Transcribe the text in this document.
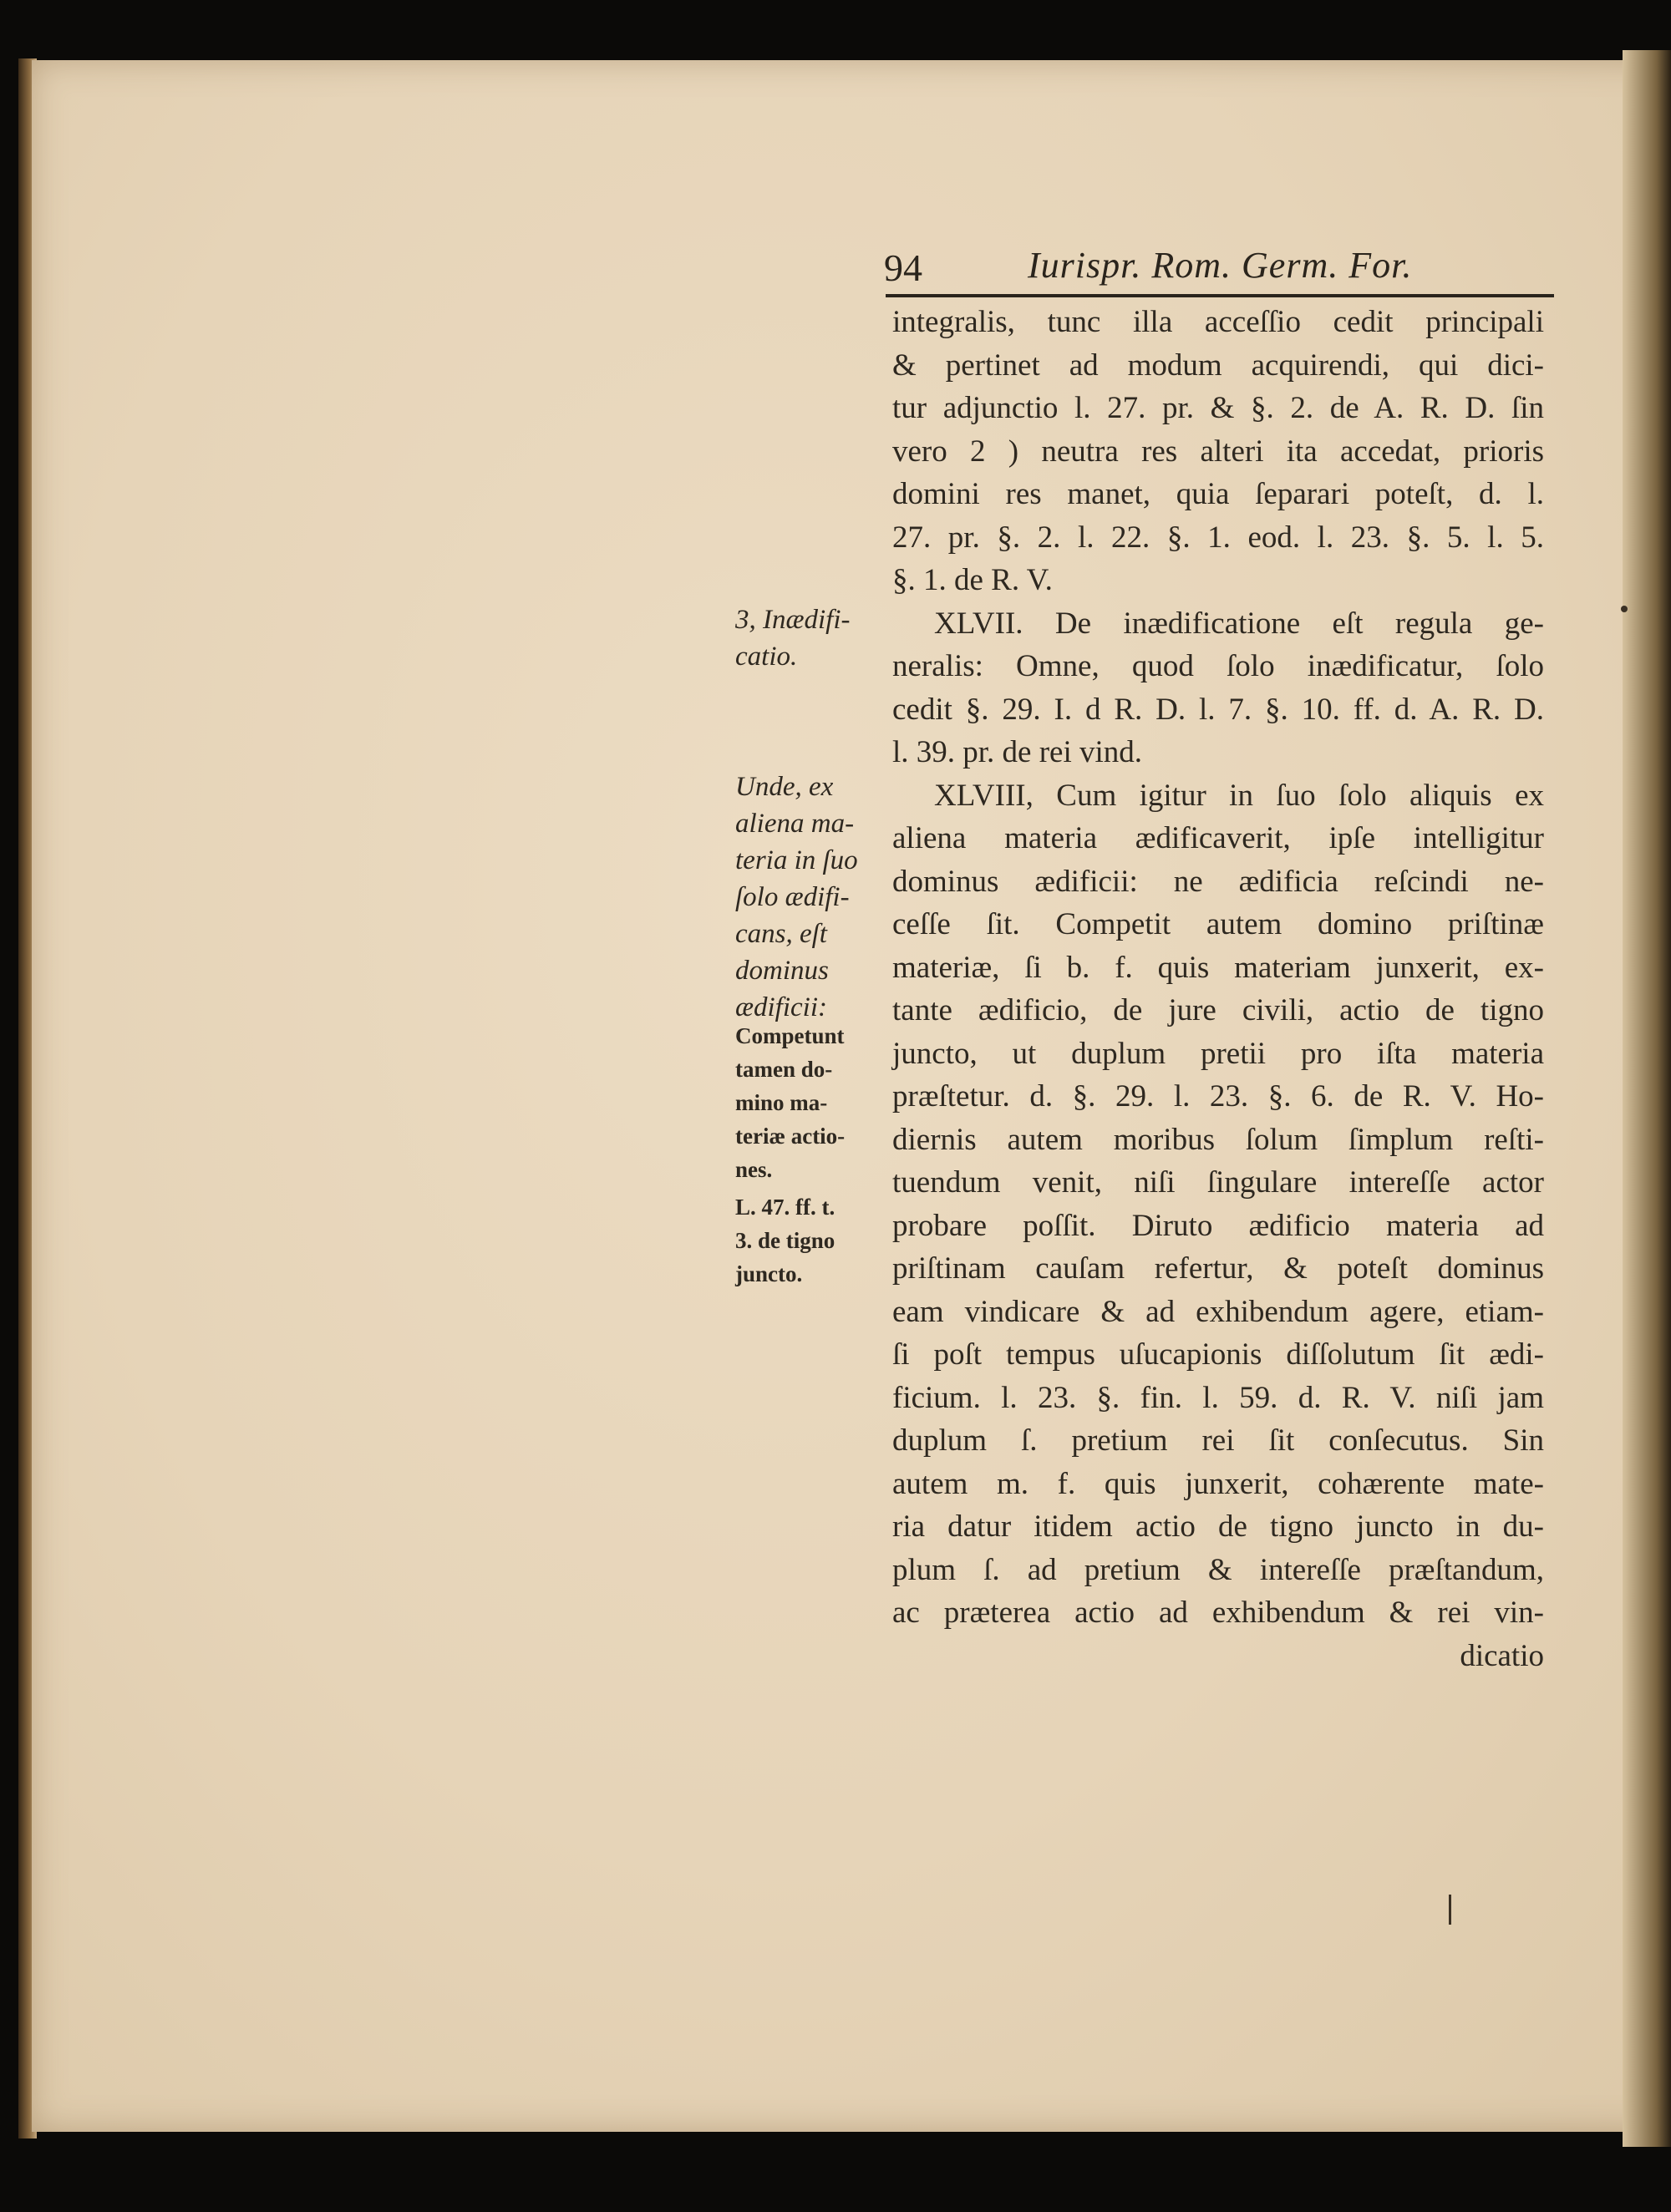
94	Iurispr. Rom. Germ. For.
integralis, tunc illa acceſſio cedit principali
& pertinet ad modum acquirendi, qui dici-
tur adjunctio l. 27. pr. & §. 2. de A. R. D. ſin
vero 2 ) neutra res alteri ita accedat, prioris
domini res manet, quia ſeparari poteſt, d. l.
27. pr. §. 2. l. 22. §. 1. eod. l. 23. §. 5. l. 5.
§. 1. de R. V.
XLVII. De inædificatione eſt regula ge-
neralis: Omne, quod ſolo inædificatur, ſolo
cedit §. 29. I. d R. D. l. 7. §. 10. ff. d. A. R. D.
l. 39. pr. de rei vind.
XLVIII, Cum igitur in ſuo ſolo aliquis ex
aliena materia ædificaverit, ipſe intelligitur
dominus ædificii: ne ædificia reſcindi ne-
ceſſe ſit. Competit autem domino priſtinæ
materiæ, ſi b. f. quis materiam junxerit, ex-
tante ædificio, de jure civili, actio de tigno
juncto, ut duplum pretii pro iſta materia
præſtetur. d. §. 29. l. 23. §. 6. de R. V. Ho-
diernis autem moribus ſolum ſimplum reſti-
tuendum venit, niſi ſingulare intereſſe actor
probare poſſit. Diruto ædificio materia ad
priſtinam cauſam refertur, & poteſt dominus
eam vindicare & ad exhibendum agere, etiam-
ſi poſt tempus uſucapionis diſſolutum ſit ædi-
ficium. l. 23. §. fin. l. 59. d. R. V. niſi jam
duplum ſ. pretium rei ſit conſecutus. Sin
autem m. f. quis junxerit, cohærente mate-
ria datur itidem actio de tigno juncto in du-
plum ſ. ad pretium & intereſſe præſtandum,
ac præterea actio ad exhibendum & rei vin-
dicatio
3, Inædifi-
catio.
Unde, ex
aliena ma-
teria in ſuo
ſolo ædifi-
cans, eſt
dominus
ædificii:
Competunt
tamen do-
mino ma-
teriæ actio-
nes.
L. 47. ff. t.
3. de tigno
juncto.
